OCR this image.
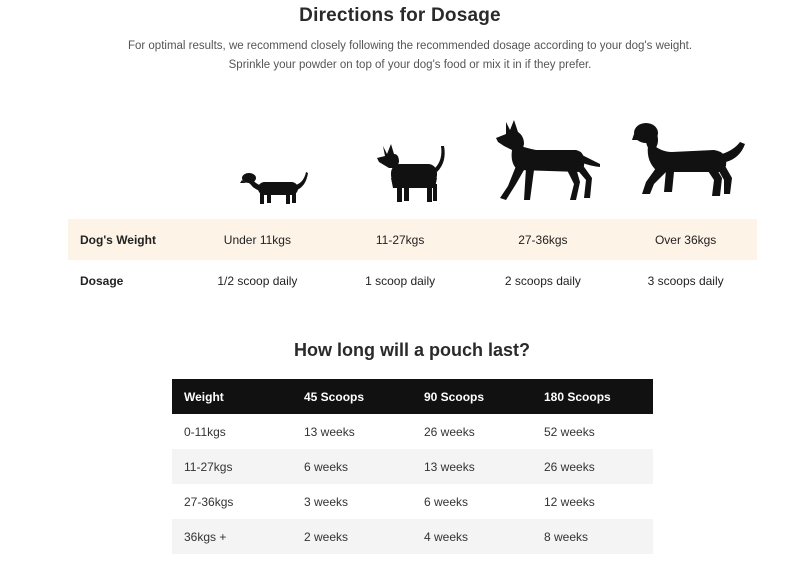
Directions for Dosage
For optimal results, we recommend closely following the recommended dosage according to your dog's weight. Sprinkle your powder on top of your dog's food or mix it in if they prefer.
Dog's Weight	Under 11kgs	11-27kgs	27-36kgs	Over 36kgs
Dosage	1/2 scoop daily	1 scoop daily	2 scoops daily	3 scoops daily
How long will a pouch last?
Weight	45 Scoops	90 Scoops	180 Scoops
0-11kgs	13 weeks	26 weeks	52 weeks
11-27kgs	6 weeks	13 weeks	26 weeks
27-36kgs	3 weeks	6 weeks	12 weeks
36kgs +	2 weeks	4 weeks	8 weeks
